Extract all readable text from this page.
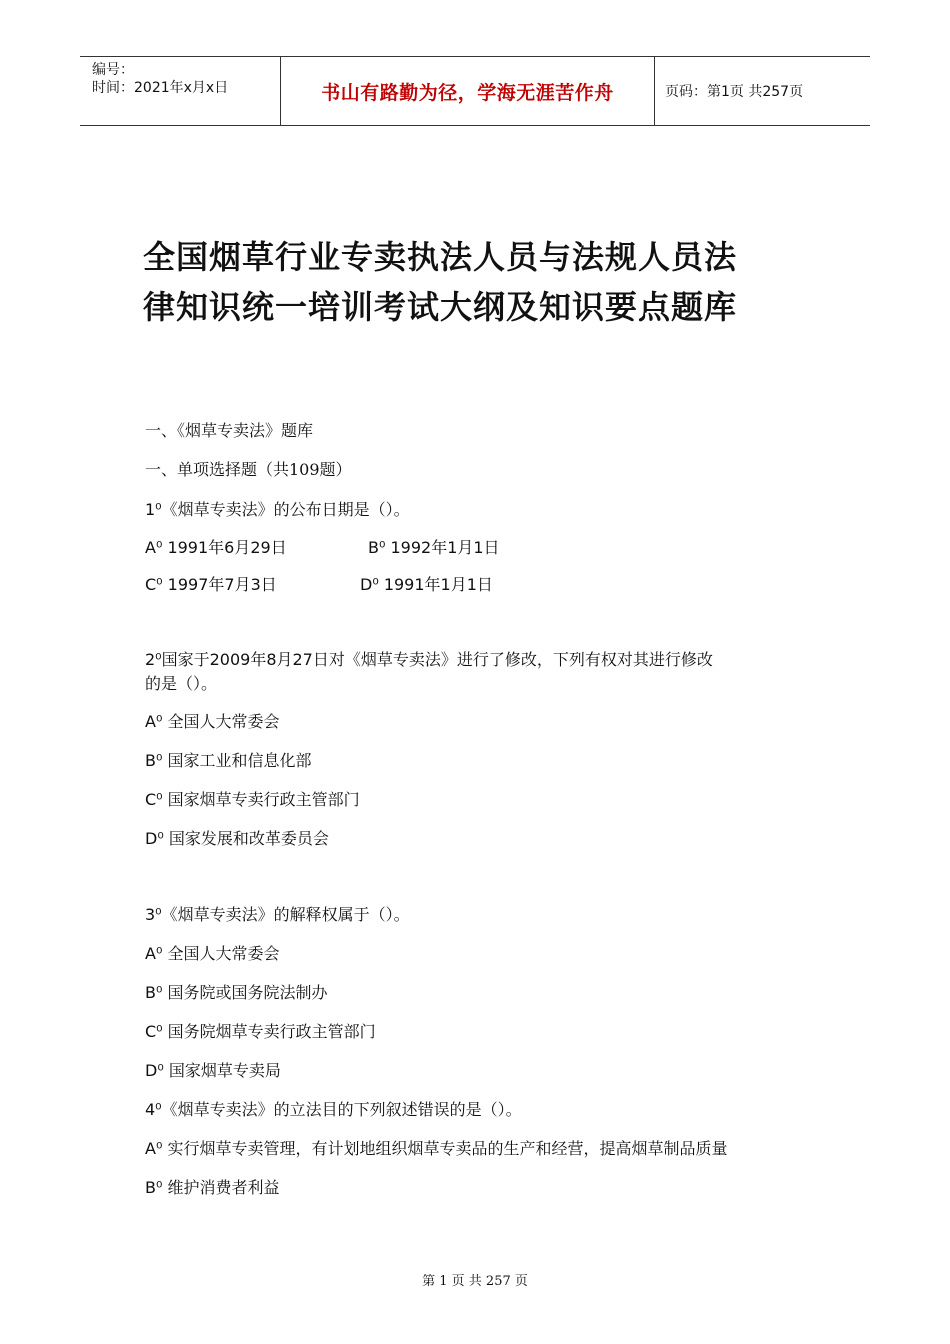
编号：
时间：2021年x月x日	书山有路勤为径，学海无涯苦作舟	页码：第1页 共257页
全国烟草行业专卖执法人员与法规人员法
律知识统一培训考试大纲及知识要点题库
一、《烟草专卖法》题库
一、单项选择题（共109题）
1⁰《烟草专卖法》的公布日期是（）。
A⁰ 1991年6月29日	B⁰ 1992年1月1日
C⁰ 1997年7月3日	D⁰ 1991年1月1日
2⁰国家于2009年8月27日对《烟草专卖法》进行了修改，下列有权对其进行修改
的是（）。
A⁰ 全国人大常委会
B⁰ 国家工业和信息化部
C⁰ 国家烟草专卖行政主管部门
D⁰ 国家发展和改革委员会
3⁰《烟草专卖法》的解释权属于（）。
A⁰ 全国人大常委会
B⁰ 国务院或国务院法制办
C⁰ 国务院烟草专卖行政主管部门
D⁰ 国家烟草专卖局
4⁰《烟草专卖法》的立法目的下列叙述错误的是（）。
A⁰ 实行烟草专卖管理，有计划地组织烟草专卖品的生产和经营，提高烟草制品质量
B⁰ 维护消费者利益
第 1 页 共 257 页
